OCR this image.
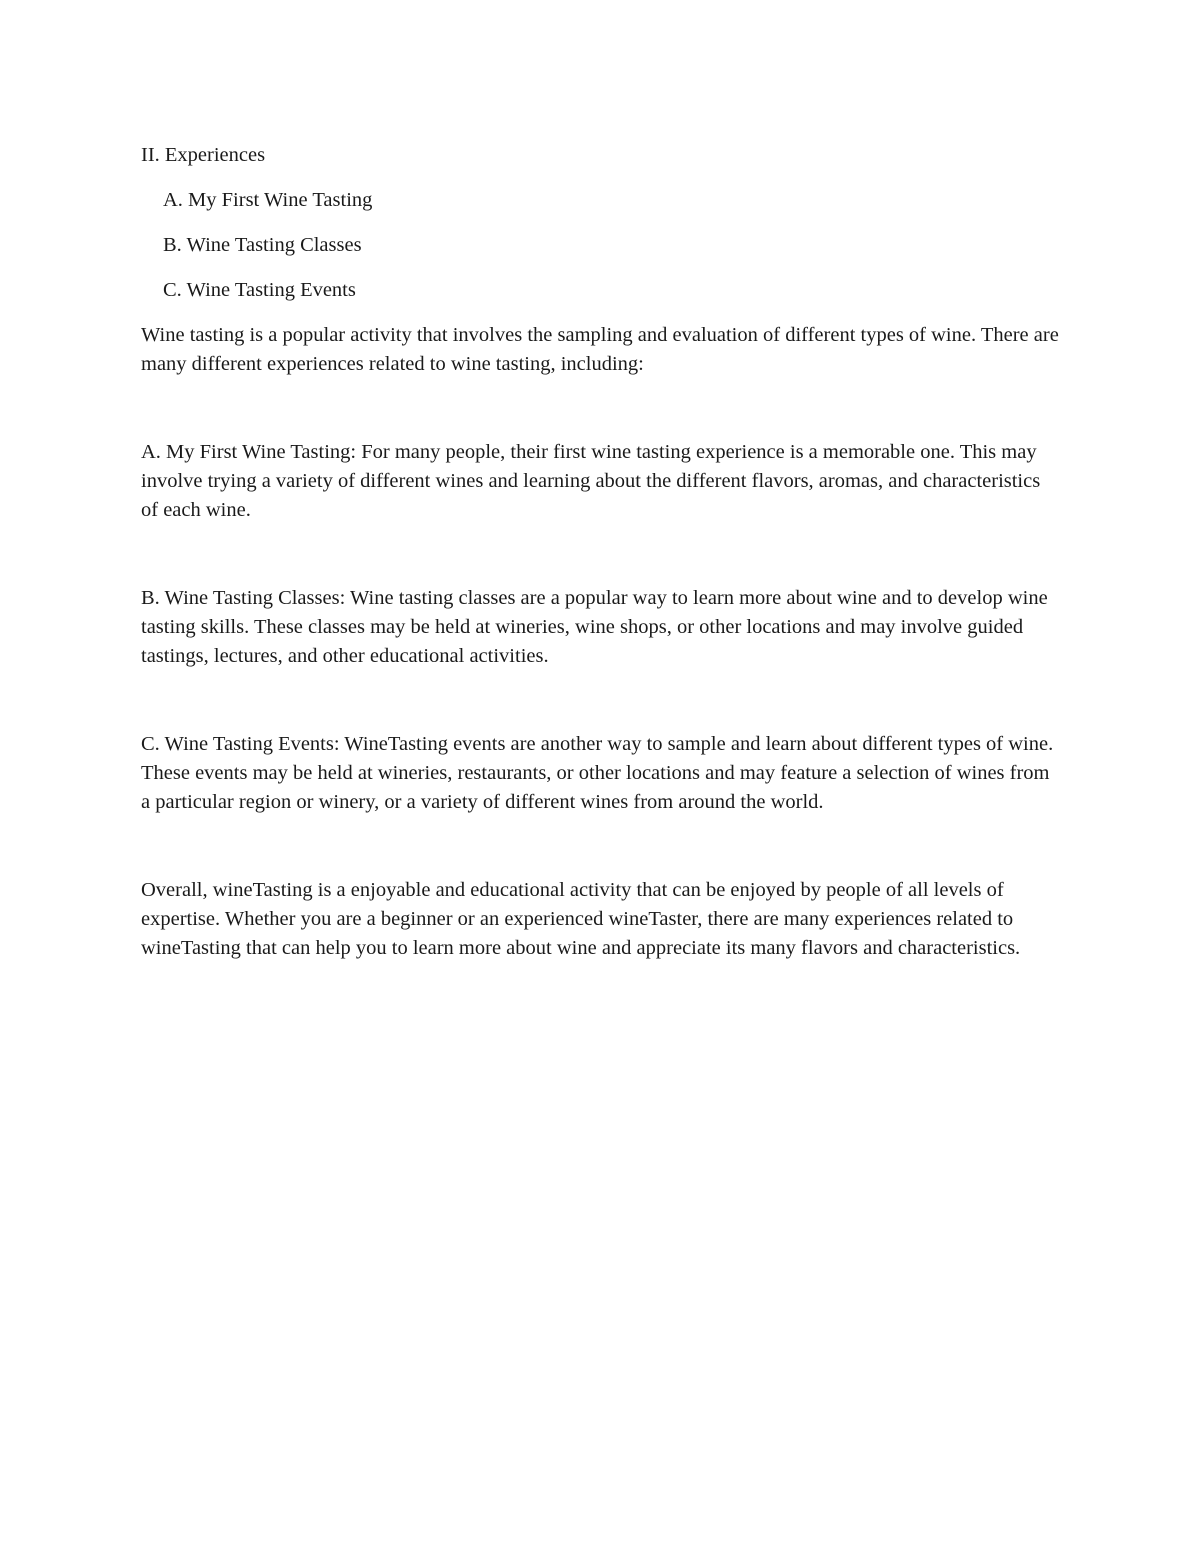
II. Experiences

A. My First Wine Tasting
B. Wine Tasting Classes
C. Wine Tasting Events

Wine tasting is a popular activity that involves the sampling and evaluation of different types of wine. There are many different experiences related to wine tasting, including:

A. My First Wine Tasting: For many people, their first wine tasting experience is a memorable one. This may involve trying a variety of different wines and learning about the different flavors, aromas, and characteristics of each wine.

B. Wine Tasting Classes: Wine tasting classes are a popular way to learn more about wine and to develop wine tasting skills. These classes may be held at wineries, wine shops, or other locations and may involve guided tastings, lectures, and other educational activities.

C. Wine Tasting Events: WineTasting events are another way to sample and learn about different types of wine. These events may be held at wineries, restaurants, or other locations and may feature a selection of wines from a particular region or winery, or a variety of different wines from around the world.

Overall, wineTasting is a enjoyable and educational activity that can be enjoyed by people of all levels of expertise. Whether you are a beginner or an experienced wineTaster, there are many experiences related to wineTasting that can help you to learn more about wine and appreciate its many flavors and characteristics.
